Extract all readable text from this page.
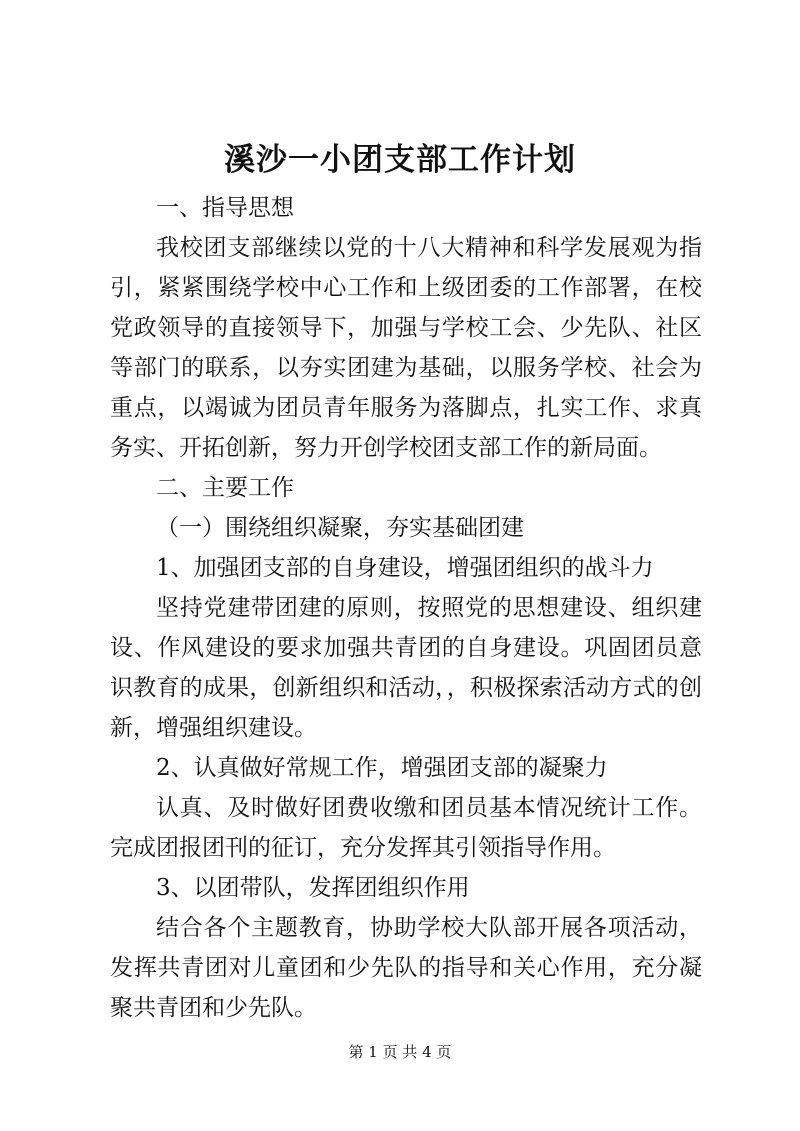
溪沙一小团支部工作计划

一、指导思想

我校团支部继续以党的十八大精神和科学发展观为指引，紧紧围绕学校中心工作和上级团委的工作部署，在校党政领导的直接领导下，加强与学校工会、少先队、社区等部门的联系，以夯实团建为基础，以服务学校、社会为重点，以竭诚为团员青年服务为落脚点，扎实工作、求真务实、开拓创新，努力开创学校团支部工作的新局面。

二、主要工作

（一）围绕组织凝聚，夯实基础团建

1、加强团支部的自身建设，增强团组织的战斗力

坚持党建带团建的原则，按照党的思想建设、组织建设、作风建设的要求加强共青团的自身建设。巩固团员意识教育的成果，创新组织和活动，，积极探索活动方式的创新，增强组织建设。

2、认真做好常规工作，增强团支部的凝聚力

认真、及时做好团费收缴和团员基本情况统计工作。完成团报团刊的征订，充分发挥其引领指导作用。

3、以团带队，发挥团组织作用

结合各个主题教育，协助学校大队部开展各项活动，发挥共青团对儿童团和少先队的指导和关心作用，充分凝聚共青团和少先队。

第 1 页 共 4 页
